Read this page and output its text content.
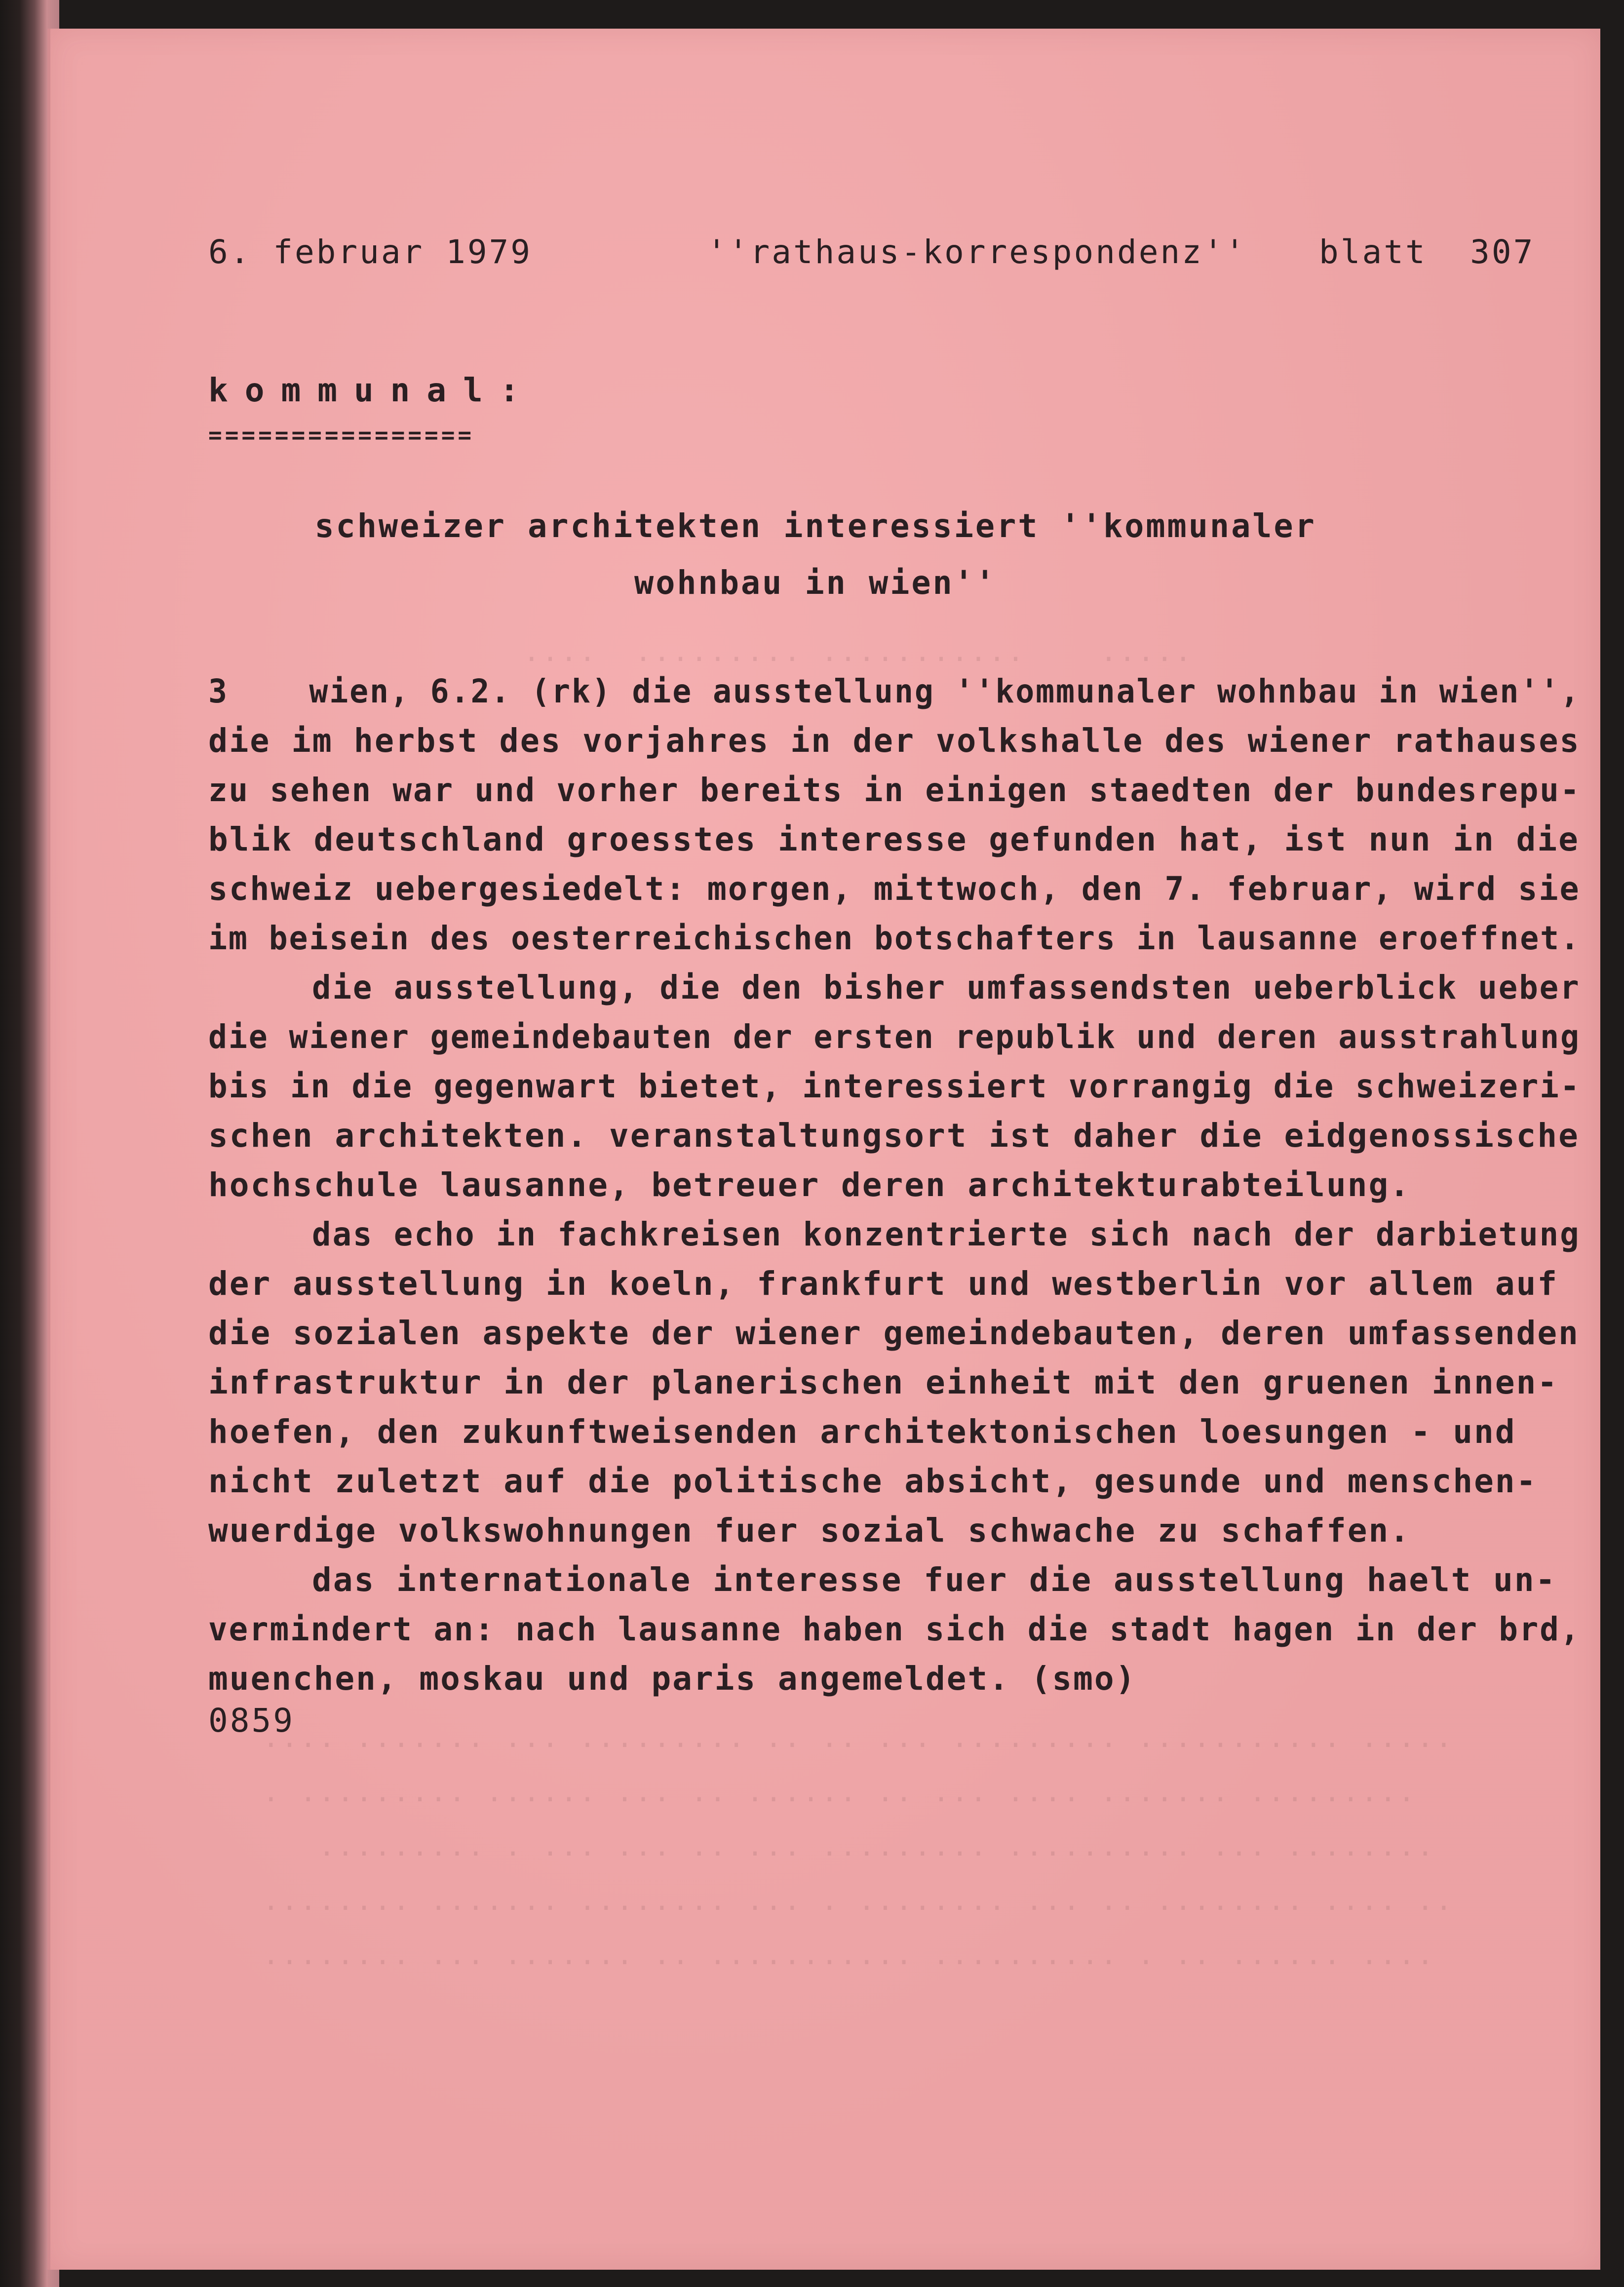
6. februar 1979	''rathaus-korrespondenz'' blatt  307
kommunal:
================
schweizer architekten interessiert ''kommunaler
wohnbau in wien''
....  ......... ...........    .....
.... ....... ... ......... .. .. ... ......... ........... .....
. ......... ...... ... .. ...... .. ... .... ....... .........
......... . ... ... .. ... ......... .......... ... ........
........ ....... ........ ... . ........ ... .. ........ .... ..
........ ... ....... .. ........... .......... . .. ...... ....
3    wien, 6.2. (rk) die ausstellung ''kommunaler wohnbau in wien'',
die im herbst des vorjahres in der volkshalle des wiener rathauses
zu sehen war und vorher bereits in einigen staedten der bundesrepu-
blik deutschland groesstes interesse gefunden hat, ist nun in die
schweiz uebergesiedelt: morgen, mittwoch, den 7. februar, wird sie
im beisein des oesterreichischen botschafters in lausanne eroeffnet.
die ausstellung, die den bisher umfassendsten ueberblick ueber
die wiener gemeindebauten der ersten republik und deren ausstrahlung
bis in die gegenwart bietet, interessiert vorrangig die schweizeri-
schen architekten. veranstaltungsort ist daher die eidgenossische
hochschule lausanne, betreuer deren architekturabteilung.
das echo in fachkreisen konzentrierte sich nach der darbietung
der ausstellung in koeln, frankfurt und westberlin vor allem auf
die sozialen aspekte der wiener gemeindebauten, deren umfassenden
infrastruktur in der planerischen einheit mit den gruenen innen-
hoefen, den zukunftweisenden architektonischen loesungen - und
nicht zuletzt auf die politische absicht, gesunde und menschen-
wuerdige volkswohnungen fuer sozial schwache zu schaffen.
das internationale interesse fuer die ausstellung haelt un-
vermindert an: nach lausanne haben sich die stadt hagen in der brd,
muenchen, moskau und paris angemeldet. (smo)
0859
